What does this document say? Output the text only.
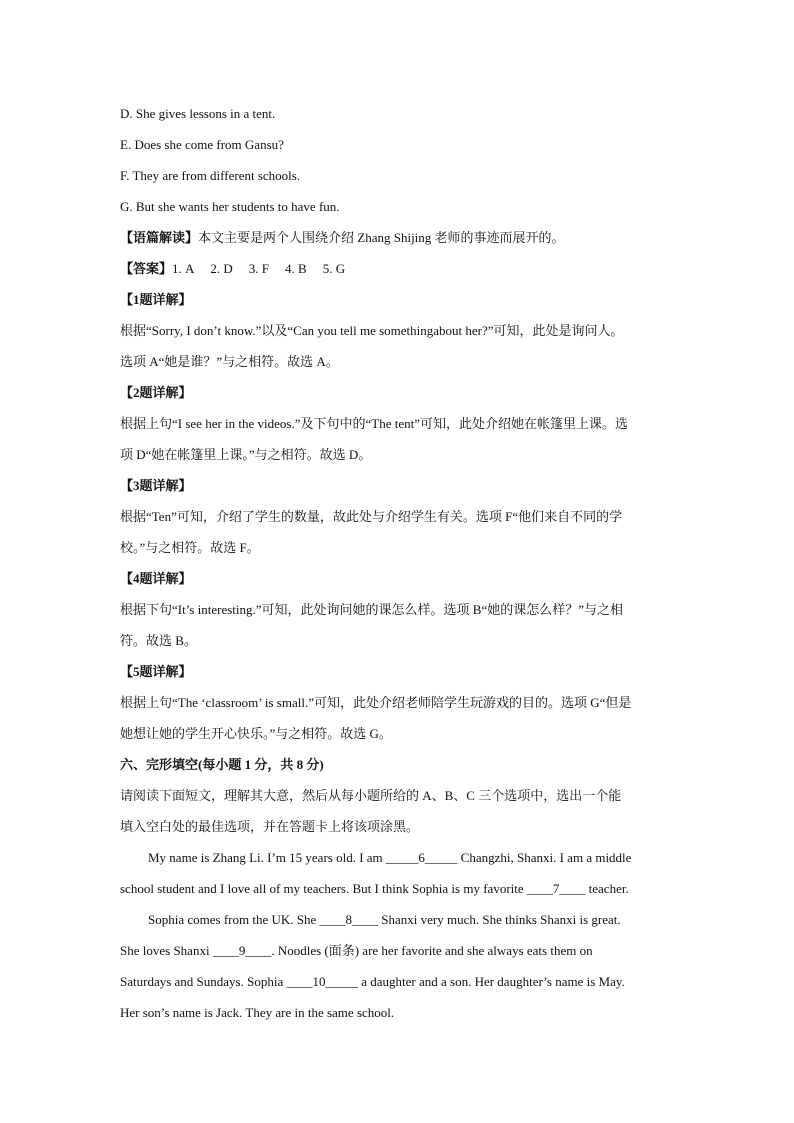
D. She gives lessons in a tent.
E. Does she come from Gansu?
F. They are from different schools.
G. But she wants her students to have fun.
【语篇解读】本文主要是两个人围绕介绍 Zhang Shijing 老师的事迹而展开的。
【答案】1. A 2. D 3. F 4. B 5. G
【1题详解】
根据“Sorry, I don’t know.”以及“Can you tell me somethingabout her?”可知，此处是询问人。
选项 A“她是谁？”与之相符。故选 A。
【2题详解】
根据上句“I see her in the videos.”及下句中的“The tent”可知，此处介绍她在帐篷里上课。选
项 D“她在帐篷里上课。”与之相符。故选 D。
【3题详解】
根据“Ten”可知，介绍了学生的数量，故此处与介绍学生有关。选项 F“他们来自不同的学
校。”与之相符。故选 F。
【4题详解】
根据下句“It’s interesting.”可知，此处询问她的课怎么样。选项 B“她的课怎么样？”与之相
符。故选 B。
【5题详解】
根据上句“The ‘classroom’ is small.”可知，此处介绍老师陪学生玩游戏的目的。选项 G“但是
她想让她的学生开心快乐。”与之相符。故选 G。
六、完形填空(每小题 1 分，共 8 分)
请阅读下面短文，理解其大意，然后从每小题所给的 A、B、C 三个选项中，选出一个能
填入空白处的最佳选项，并在答题卡上将该项涂黑。
My name is Zhang Li. I’m 15 years old. I am _____6_____ Changzhi, Shanxi. I am a middle
school student and I love all of my teachers. But I think Sophia is my favorite ____7____ teacher.
Sophia comes from the UK. She ____8____ Shanxi very much. She thinks Shanxi is great.
She loves Shanxi ____9____. Noodles (面条) are her favorite and she always eats them on
Saturdays and Sundays. Sophia ____10_____ a daughter and a son. Her daughter’s name is May.
Her son’s name is Jack. They are in the same school.
